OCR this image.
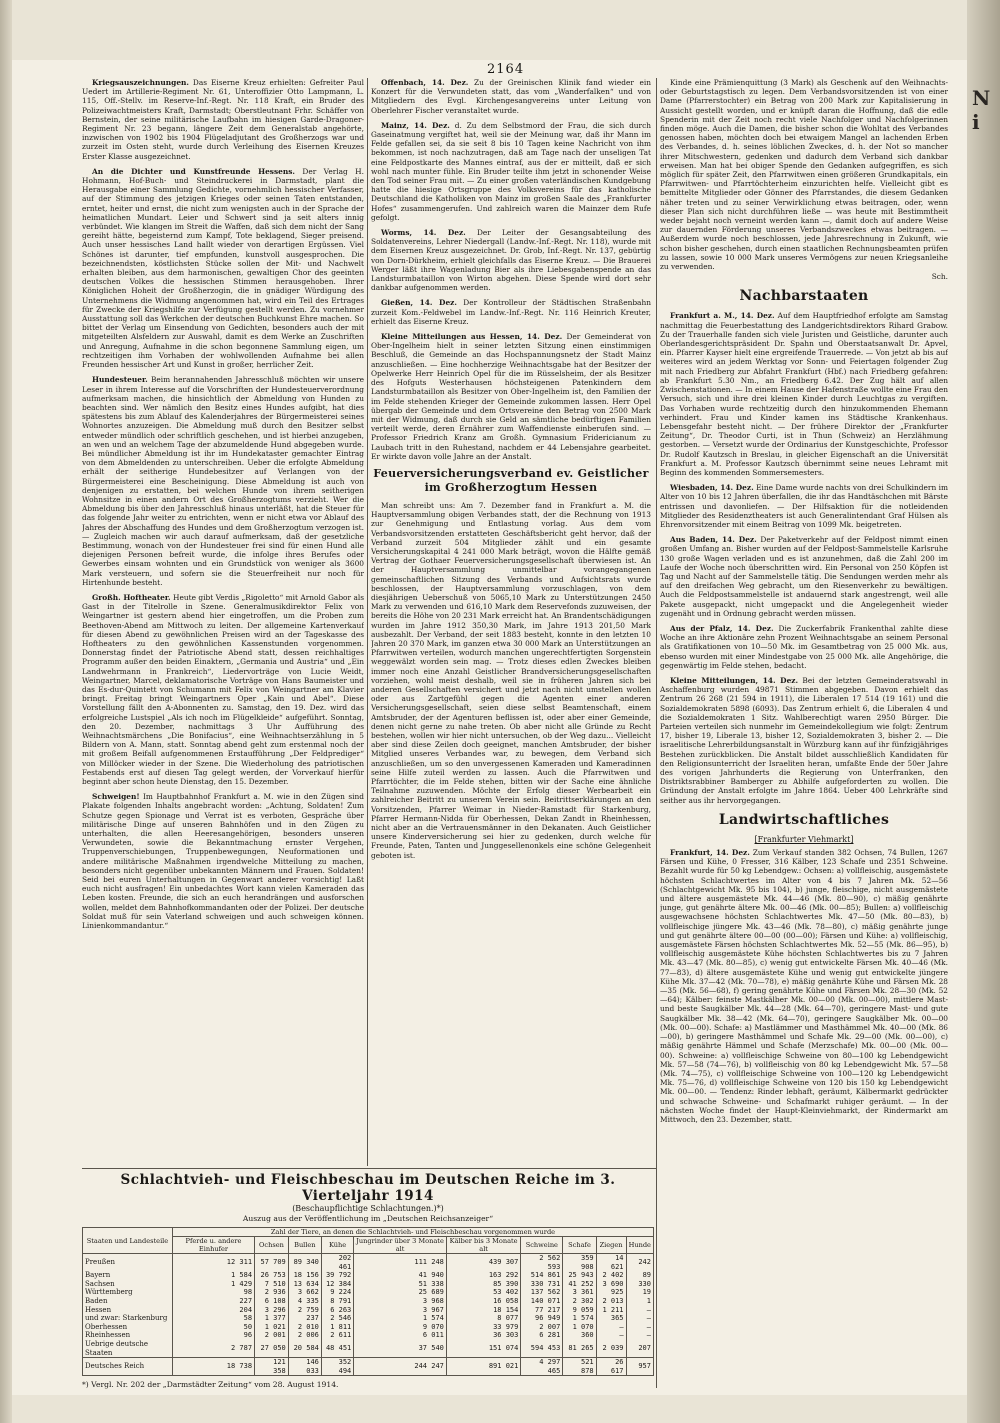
N
i
2164

Kriegsauszeichnungen. Das Eiserne Kreuz erhielten: Gefreiter Paul Uedert im Artillerie-Regiment Nr. 61, Unteroffizier Otto Lampmann, L. 115, Off.-Stellv. im Reserve-Inf.-Regt. Nr. 118 Kraft, ein Bruder des Polizeiwachtmeisters Kraft, Darmstadt; Oberstleutnant Frhr. Schäffer von Bernstein, der seine militärische Laufbahn im hiesigen Garde-Dragoner-Regiment Nr. 23 begann, längere Zeit dem Generalstab angehörte, inzwischen von 1902 bis 1904 Flügeladjutant des Großherzogs war und zurzeit im Osten steht, wurde durch Verleihung des Eisernen Kreuzes Erster Klasse ausgezeichnet.

An die Dichter und Kunstfreunde Hessens. Der Verlag H. Hohmann, Hof-Buch- und Steindruckerei in Darmstadt, plant die Herausgabe einer Sammlung Gedichte, vornehmlich hessischer Verfasser, auf der Stimmung des jetzigen Krieges oder seinen Taten entstanden, erntet, heiter und ernst, die nicht zum wenigsten auch in der Sprache der heimatlichen Mundart. Leier und Schwert sind ja seit alters innig verbündet. Wie klangen im Streit die Waffen, daß sich dem nicht der Sang gereiht hätte, begeisternd zum Kampf, Tote beklagend, Sieger preisend. Auch unser hessisches Land hallt wieder von derartigen Ergüssen. Viel Schönes ist darunter, tief empfunden, kunstvoll ausgesprochen. Die bezeichnendsten, köstlichsten Stücke sollen der Mit- und Nachwelt erhalten bleiben, aus dem harmonischen, gewaltigen Chor des geeinten deutschen Volkes die hessischen Stimmen herausgehoben. Ihrer Königlichen Hoheit der Großherzogin, die in gnädiger Würdigung des Unternehmens die Widmung angenommen hat, wird ein Teil des Ertrages für Zwecke der Kriegshilfe zur Verfügung gestellt werden. Zu vornehmer Ausstattung soll das Werkchen der deutschen Buchkunst Ehre machen. So bittet der Verlag um Einsendung von Gedichten, besonders auch der mit mitgeteilten Alsfeldern zur Auswahl, damit es dem Werke an Zuschriften und Anregung, Aufnahme in die schon begonnene Sammlung eigen, um rechtzeitigen ihm Vorhaben der wohlwollenden Aufnahme bei allen Freunden hessischer Art und Kunst in großer, herrlicher Zeit.

Hundesteuer. Beim herannahenden Jahresschluß möchten wir unsere Leser in ihrem Interesse auf die Vorschriften der Hundesteuerverordnung aufmerksam machen, die hinsichtlich der Abmeldung von Hunden zu beachten sind. Wer nämlich den Besitz eines Hundes aufgibt, hat dies spätestens bis zum Ablauf des Kalenderjahres der Bürgermeisterei seines Wohnortes anzuzeigen. Die Abmeldung muß durch den Besitzer selbst entweder mündlich oder schriftlich geschehen, und ist hierbei anzugeben, an wen und an welchem Tage der abzumeldende Hund abgegeben wurde. Bei mündlicher Abmeldung ist ihr im Hundekataster gemachter Eintrag von dem Abmeldenden zu unterschreiben. Ueber die erfolgte Abmeldung erhält der seitherige Hundebesitzer auf Verlangen von der Bürgermeisterei eine Bescheinigung. Diese Abmeldung ist auch von denjenigen zu erstatten, bei welchen Hunde von ihrem seitherigen Wohnsitze in einen andern Ort des Großherzogtums verzieht. Wer die Abmeldung bis über den Jahresschluß hinaus unterläßt, hat die Steuer für das folgende Jahr weiter zu entrichten, wenn er nicht etwa vor Ablauf des Jahres der Abschaffung des Hundes und dem Großherzogtum verzogen ist. — Zugleich machen wir auch darauf aufmerksam, daß der gesetzliche Bestimmung, wonach von der Hundesteuer frei sind für einen Hund alle diejenigen Personen befreit wurde, die infolge ihres Berufes oder Gewerbes einsam wohnten und ein Grundstück von weniger als 3600 Mark versteuern, und sofern sie die Steuerfreiheit nur noch für Hirtenhunde besteht.

Großh. Hoftheater. Heute gibt Verdis „Rigoletto“ mit Arnold Gabor als Gast in der Titelrolle in Szene. Generalmusikdirektor Felix von Weingartner ist gestern abend hier eingetroffen, um die Proben zum Beethoven-Abend am Mittwoch zu leiten. Der allgemeine Kartenverkauf für diesen Abend zu gewöhnlichen Preisen wird an der Tageskasse des Hoftheaters zu den gewöhnlichen Kassenstunden vorgenommen. Donnerstag findet der Patriotische Abend statt, dessen reichhaltiges Programm außer den beiden Einaktern, „Germania und Austria“ und „Ein Landwehrmann in Frankreich“, Liedervorträge von Lucie Weidt, Weingartner, Marcel, deklamatorische Vorträge von Hans Baumeister und das Es-dur-Quintett von Schumann mit Felix von Weingartner am Klavier bringt. Freitag bringt Weingartners Oper „Kain und Abel“. Diese Vorstellung fällt den A-Abonnenten zu. Samstag, den 19. Dez. wird das erfolgreiche Lustspiel „Als ich noch im Flügelkleide“ aufgeführt. Sonntag, den 20. Dezember, nachmittags 3 Uhr Aufführung des Weihnachtsmärchens „Die Bonifacius“, eine Weihnachtserzählung in 5 Bildern von A. Mann, statt. Sonntag abend geht zum erstenmal noch der mit großem Beifall aufgenommenen Erstaufführung „Der Feldprediger“ von Millöcker wieder in der Szene. Die Wiederholung des patriotischen Festabends erst auf diesen Tag gelegt werden, der Vorverkauf hierfür beginnt aber schon heute Dienstag, den 15. Dezember.

Schweigen! Im Hauptbahnhof Frankfurt a. M. wie in den Zügen sind Plakate folgenden Inhalts angebracht worden: „Achtung, Soldaten! Zum Schutze gegen Spionage und Verrat ist es verboten, Gespräche über militärische Dinge auf unseren Bahnhöfen und in den Zügen zu unterhalten, die allen Heeresangehörigen, besonders unseren Verwundeten, sowie die Bekanntmachung ernster Vergehen, Truppenverschiebungen, Truppenbewegungen, Neuformationen und andere militärische Maßnahmen irgendwelche Mitteilung zu machen, besonders nicht gegenüber unbekannten Männern und Frauen. Soldaten! Seid bei euren Unterhaltungen in Gegenwart anderer vorsichtig! Laßt euch nicht ausfragen! Ein unbedachtes Wort kann vielen Kameraden das Leben kosten. Freunde, die sich an euch herandrängen und ausforschen wollen, meldet dem Bahnhofkommandanten oder der Polizei. Der deutsche Soldat muß für sein Vaterland schweigen und auch schweigen können. Linienkommandantur.“

Offenbach, 14. Dez. Zu der Greinischen Klinik fand wieder ein Konzert für die Verwundeten statt, das vom „Wanderfalken“ und von Mitgliedern des Evgl. Kirchengesangvereins unter Leitung von Oberlehrer Fischer veranstaltet wurde.

Mainz, 14. Dez. d. Zu dem Selbstmord der Frau, die sich durch Gaseinatmung vergiftet hat, weil sie der Meinung war, daß ihr Mann im Felde gefallen sei, da sie seit 8 bis 10 Tagen keine Nachricht von ihm bekommen, ist noch nachzutragen, daß am Tage nach der unseligen Tat eine Feldpostkarte des Mannes eintraf, aus der er mitteilt, daß er sich wohl nach munter fühle. Ein Bruder teilte ihm jetzt in schonender Weise den Tod seiner Frau mit. — Zu einer großen vaterländischen Kundgebung hatte die hiesige Ortsgruppe des Volksvereins für das katholische Deutschland die Katholiken von Mainz im großen Saale des „Frankfurter Hofes“ zusammengerufen. Und zahlreich waren die Mainzer dem Rufe gefolgt.

Worms, 14. Dez. Der Leiter der Gesangsabteilung des Soldatenvereins, Lehrer Niedergall (Landw.-Inf.-Regt. Nr. 118), wurde mit dem Eisernen Kreuz ausgezeichnet. Dr. Grob, Inf.-Regt. Nr. 137, gebürtig von Dorn-Dürkheim, erhielt gleichfalls das Eiserne Kreuz. — Die Brauerei Werger läßt ihre Wagenladung Bier als ihre Liebesgabenspende an das Landsturmbataillon von Wirton abgehen. Diese Spende wird dort sehr dankbar aufgenommen werden.

Gießen, 14. Dez. Der Kontrolleur der Städtischen Straßenbahn zurzeit Kom.-Feldwebel im Landw.-Inf.-Regt. Nr. 116 Heinrich Kreuter, erhielt das Eiserne Kreuz.

Kleine Mitteilungen aus Hessen, 14. Dez. Der Gemeinderat von Ober-Ingelheim hielt in seiner letzten Sitzung einen einstimmigen Beschluß, die Gemeinde an das Hochspannungsnetz der Stadt Mainz anzuschließen. — Eine hochherzige Weihnachtsgabe hat der Besitzer der Opelwerke Herr Heinrich Opel für die im Rüsselsheim, der als Besitzer des Hofguts Westerhausen höchsteigenen Patenkindern dem Landsturmbataillon als Besitzer von Ober-Ingelheim ist, den Familien der im Felde stehenden Krieger der Gemeinde zukommen lassen. Herr Opel übergab der Gemeinde und dem Ortsvereine den Betrag von 2500 Mark mit der Widmung, daß durch sie Geld an sämtliche bedürftigen Familien verteilt werde, deren Ernährer zum Waffendienste einberufen sind. — Professor Friedrich Kranz am Großh. Gymnasium Fridericianum zu Laubach tritt in den Ruhestand, nachdem er 44 Lebensjahre gearbeitet. Er wirkte davon volle Jahre an der Anstalt.

Feuerversicherungsverband ev. Geistlicher im Großherzogtum Hessen

Man schreibt uns: Am 7. Dezember fand in Frankfurt a. M. die Hauptversammlung obigen Verbandes statt, der die Rechnung von 1913 zur Genehmigung und Entlastung vorlag. Aus dem vom Verbandsvorsitzenden erstatteten Geschäftsbericht geht hervor, daß der Verband zurzeit 504 Mitglieder zählt und ein gesamte Versicherungskapital 4 241 000 Mark beträgt, wovon die Hälfte gemäß Vertrag der Gothaer Feuerversicherungsgesellschaft überwiesen ist. An der Hauptversammlung unmittelbar vorangegangenen gemeinschaftlichen Sitzung des Verbands und Aufsichtsrats wurde beschlossen, der Hauptversammlung vorzuschlagen, von dem diesjährigen Ueberschuß von 5065,10 Mark zu Unterstützungen 2450 Mark zu verwenden und 616,10 Mark dem Reservefonds zuzuweisen, der bereits die Höhe von 20 231 Mark erreicht hat. An Brandentschädigungen wurden im Jahre 1912 350,30 Mark, im Jahre 1913 201,50 Mark ausbezahlt. Der Verband, der seit 1883 besteht, konnte in den letzten 10 Jahren 20 370 Mark, im ganzen etwa 30 000 Mark an Unterstützungen an Pfarrwitwen verteilen, wodurch manchen ungerechtfertigten Sorgenstein weggewälzt worden sein mag. — Trotz dieses edlen Zweckes bleiben immer noch eine Anzahl Geistlicher Brandversicherungsgesellschaften vorziehen, wohl meist deshalb, weil sie in früheren Jahren sich bei anderen Gesellschaften versichert und jetzt nach nicht umstellen wollen oder aus Zartgefühl gegen die Agenten einer anderen Versicherungsgesellschaft, seien diese selbst Beamtenschaft, einem Amtsbruder, der der Agenturen beflissen ist, oder aber einer Gemeinde, denen nicht gerne zu nahe treten. Ob aber nicht alle Gründe zu Recht bestehen, wollen wir hier nicht untersuchen, ob der Weg dazu... Vielleicht aber sind diese Zeilen doch geeignet, manchen Amtsbruder, der bisher Mitglied unseres Verbandes war, zu bewegen, dem Verband sich anzuschließen, um so den unvergessenen Kameraden und Kameradinnen seine Hilfe zuteil werden zu lassen. Auch die Pfarrwitwen und Pfarrtöchter, die im Felde stehen, bitten wir der Sache eine ähnliche Teilnahme zuzuwenden. Möchte der Erfolg dieser Werbearbeit ein zahlreicher Beitritt zu unserem Verein sein. Beitrittserklärungen an den Vorsitzenden, Pfarrer Weimar in Nieder-Ramstadt für Starkenburg, Pfarrer Hermann-Nidda für Oberhessen, Dekan Zandt in Rheinhessen, nicht aber an die Vertrauensmänner in den Dekanaten. Auch Geistlicher unsere Kinderversicherung sei hier zu gedenken, durch welche für Freunde, Paten, Tanten und Junggesellenonkels eine schöne Gelegenheit geboten ist.

Kinde eine Prämienquittung (3 Mark) als Geschenk auf den Weihnachts- oder Geburtstagstisch zu legen. Dem Verbandsvorsitzenden ist von einer Dame (Pfarrerstochter) ein Betrag von 200 Mark zur Kapitalisierung in Aussicht gestellt worden, und er knüpft daran die Hoffnung, daß die edle Spenderin mit der Zeit noch recht viele Nachfolger und Nachfolgerinnen finden möge. Auch die Damen, die bisher schon die Wohltat des Verbandes genossen haben, möchten doch bei etwaigem Mangel an lachenden Erben des Verbandes, d. h. seines löblichen Zweckes, d. h. der Not so mancher ihrer Mitschwestern, gedenken und dadurch dem Verband sich dankbar erweisen. Man hat bei obiger Spende den Gedanken aufgegriffen, es sich möglich für später Zeit, den Pfarrwitwen einen größeren Grundkapitals, ein Pfarrwitwen- und Pfarrtöchterheim einzurichten helfe. Vielleicht gibt es bemittelte Mitglieder oder Gönner des Pfarrstandes, die diesem Gedanken näher treten und zu seiner Verwirklichung etwas beitragen, oder, wenn dieser Plan sich nicht durchführen ließe — was heute mit Bestimmtheit weder bejaht noch verneint werden kann —, damit doch auf andere Weise zur dauernden Förderung unseres Verbandszweckes etwas beitragen. — Außerdem wurde noch beschlossen, jede Jahresrechnung in Zukunft, wie schon bisher geschehen, durch einen staatlichen Rechnungsbeamten prüfen zu lassen, sowie 10 000 Mark unseres Vermögens zur neuen Kriegsanleihe zu verwenden.

Sch.
Nachbarstaaten

Frankfurt a. M., 14. Dez. Auf dem Hauptfriedhof erfolgte am Samstag nachmittag die Feuerbestattung des Landgerichtsdirektors Rihard Grabow. Zu der Trauerhalle fanden sich viele Juristen und Geistliche, darunter auch Oberlandesgerichtspräsident Dr. Spahn und Oberstaatsanwalt Dr. Apvel, ein. Pfarrer Kayser hielt eine ergreifende Trauerrede. — Von jetzt ab bis auf weiteres wird an jedem Werktag vor Sonn- und Feiertagen folgender Zug mit nach Friedberg zur Abfahrt Frankfurt (Hbf.) nach Friedberg gefahren: ab Frankfurt 5.30 Nm., an Friedberg 6.42. Der Zug hält auf allen Zwischenstationen. — In einem Hause der Hafenstraße wollte eine Frau den Versuch, sich und ihre drei kleinen Kinder durch Leuchtgas zu vergiften. Das Vorhaben wurde rechtzeitig durch den hinzukommenden Ehemann verhindert. Frau und Kinder kamen ins Städtische Krankenhaus. Lebensgefahr besteht nicht. — Der frühere Direktor der „Frankfurter Zeitung“, Dr. Theodor Curti, ist in Thun (Schweiz) an Herzlähmung gestorben. — Versetzt wurde der Ordinarius der Kunstgeschichte, Professor Dr. Rudolf Kautzsch in Breslau, in gleicher Eigenschaft an die Universität Frankfurt a. M. Professor Kautzsch übernimmt seine neues Lehramt mit Beginn des kommenden Sommersemesters.

Wiesbaden, 14. Dez. Eine Dame wurde nachts von drei Schulkindern im Alter von 10 bis 12 Jahren überfallen, die ihr das Handtäschchen mit Bärste entrissen und davonliefen. — Der Hilfsaktion für die notleidenden Mitglieder des Residenztheaters ist auch Generalintendant Graf Hülsen als Ehrenvorsitzender mit einem Beitrag von 1099 Mk. beigetreten.

Aus Baden, 14. Dez. Der Paketverkehr auf der Feldpost nimmt einen großen Umfang an. Bisher wurden auf der Feldpost-Sammelstelle Karlsruhe 130 große Wagen verladen und es ist anzunehmen, daß die Zahl 200 im Laufe der Woche noch überschritten wird. Ein Personal von 250 Köpfen ist Tag und Nacht auf der Sammelstelle tätig. Die Sendungen werden mehr als auf den dreifachen Weg gebracht, um den Riesenverkehr zu bewältigen. Auch die Feldpostsammelstelle ist andauernd stark angestrengt, weil alle Pakete ausgepackt, nicht umgepackt und die Angelegenheit wieder zugenäht und in Ordnung gebracht werden müssen.

Aus der Pfalz, 14. Dez. Die Zuckerfabrik Frankenthal zahlte diese Woche an ihre Aktionäre zehn Prozent Weihnachtsgabe an seinem Personal als Gratifikationen von 10—50 Mk. im Gesamtbetrag von 25 000 Mk. aus, ebenso wurden mit einer Mindestgabe von 25 000 Mk. alle Angehörige, die gegenwärtig im Felde stehen, bedacht.

Kleine Mitteilungen, 14. Dez. Bei der letzten Gemeinderatswahl in Aschaffenburg wurden 49871 Stimmen abgegeben. Davon erhielt das Zentrum 26 268 (21 594 in 1911), die Liberalen 17 514 (19 161) und die Sozialdemokraten 5898 (6093). Das Zentrum erhielt 6, die Liberalen 4 und die Sozialdemokraten 1 Sitz. Wahlberechtigt waren 2950 Bürger. Die Parteien verteilen sich nunmehr im Gemeindekollegium wie folgt: Zentrum 17, bisher 19, Liberale 13, bisher 12, Sozialdemokraten 3, bisher 2. — Die israelitische Lehrerbildungsanstalt in Würzburg kann auf ihr fünfzigjähriges Bestehen zurückblicken. Die Anstalt bildet ausschließlich Kandidaten für den Religionsunterricht der Israeliten heran, umfaßte Ende der 50er Jahre des vorigen Jahrhunderts die Regierung von Unterfranken, den Distriktsrabbiner Bamberger zu Abhilfe aufgeforderten zu wollen. Die Gründung der Anstalt erfolgte im Jahre 1864. Ueber 400 Lehrkräfte sind seither aus ihr hervorgegangen.

Landwirtschaftliches
[Frankfurter Viehmarkt]

Frankfurt, 14. Dez. Zum Verkauf standen 382 Ochsen, 74 Bullen, 1267 Färsen und Kühe, 0 Fresser, 316 Kälber, 123 Schafe und 2351 Schweine. Bezahlt wurde für 50 kg Lebendgew.: Ochsen: a) vollfleischig, ausgemästete höchsten Schlachtwertes im Alter von 4 bis 7 Jahren Mk. 52—56 (Schlachtgewicht Mk. 95 bis 104), b) junge, fleischige, nicht ausgemästete und ältere ausgemästete Mk. 44—46 (Mk. 80—90), c) mäßig genährte junge, gut genährte ältere Mk. 00—46 (Mk. 00—85); Bullen: a) vollfleischig ausgewachsene höchsten Schlachtwertes Mk. 47—50 (Mk. 80—83), b) vollfleischige jüngere Mk. 43—46 (Mk. 78—80), c) mäßig genährte junge und gut genährte ältere 00—00 (00—00); Färsen und Kühe: a) vollfleischig, ausgemästete Färsen höchsten Schlachtwertes Mk. 52—55 (Mk. 86—95), b) vollfleischig ausgemästete Kühe höchsten Schlachtwertes bis zu 7 Jahren Mk. 43—47 (Mk. 80—85), c) wenig gut entwickelte Färsen Mk. 40—46 (Mk. 77—83), d) ältere ausgemästete Kühe und wenig gut entwickelte jüngere Kühe Mk. 37—42 (Mk. 70—78), e) mäßig genährte Kühe und Färsen Mk. 28—35 (Mk. 56—68), f) gering genährte Kühe und Färsen Mk. 28—30 (Mk. 52—64); Kälber: feinste Mastkälber Mk. 00—00 (Mk. 00—00), mittlere Mast- und beste Saugkälber Mk. 44—28 (Mk. 64—70), geringere Mast- und gute Saugkälber Mk. 38—42 (Mk. 64—70), geringere Saugkälber Mk. 00—00 (Mk. 00—00). Schafe: a) Mastlämmer und Masthämmel Mk. 40—00 (Mk. 86—00), b) geringere Masthämmel und Schafe Mk. 29—00 (Mk. 00—00), c) mäßig genährte Hämmel und Schafe (Merzschafe) Mk. 00—00 (Mk. 00—00). Schweine: a) vollfleischige Schweine von 80—100 kg Lebendgewicht Mk. 57—58 (74—76), b) vollfleischig von 80 kg Lebendgewicht Mk. 57—58 (Mk. 74—75), c) vollfleischige Schweine von 100—120 kg Lebendgewicht Mk. 75—76, d) vollfleischige Schweine von 120 bis 150 kg Lebendgewicht Mk. 00—00. — Tendenz: Rinder lebhaft, geräumt, Kälbermarkt gedrückter und schwache Schweine- und Schafmarkt ruhiger geräumt. — In der nächsten Woche findet der Haupt-Kleinviehmarkt, der Rindermarkt am Mittwoch, den 23. Dezember, statt.

Schlachtvieh- und Fleischbeschau im Deutschen Reiche im 3. Vierteljahr 1914
(Beschaupflichtige Schlachtungen.)*)
Auszug aus der Veröffentlichung im „Deutschen Reichsanzeiger“
Staaten und Landesteile	Zahl der Tiere, an denen die Schlachtvieh- und Fleischbeschau vorgenommen wurde									
	Pferde u. andere Einhufer	Ochsen	Bullen	Kühe	Jungrinder über 3 Monate alt	Kälber bis 3 Monate alt	Schweine	Schafe	Ziegen	Hunde
Preußen	12 311	57 709	89 340	202 461	111 248	439 307	2 562 593	359 908	14 621	242
Bayern	1 584	26 753	18 156	39 792	41 940	163 292	514 861	25 943	2 402	89
Sachsen	1 429	7 510	13 634	12 384	51 338	85 390	330 731	41 252	3 690	330
Württemberg	98	2 936	3 662	9 224	25 689	53 402	137 562	3 361	925	19
Baden	227	6 108	4 335	8 791	3 968	16 058	140 071	2 302	2 013	1
Hessen	204	3 296	2 759	6 263	3 967	18 154	77 217	9 059	1 211	—
und zwar: Starkenburg	58	1 377	237	2 546	1 574	8 077	96 949	1 574	365	—
Oberhessen	50	1 021	2 010	1 811	9 070	33 979	2 007	1 070	—	—
Rheinhessen	96	2 001	2 006	2 611	6 011	36 303	6 281	360	—	—
Uebrige deutsche Staaten	2 787	27 050	20 584	48 451	37 540	151 074	594 453	81 265	2 039	207
Deutsches Reich	18 738	121 358	146 033	352 494	244 247	891 021	4 297 465	521 878	26 617	957
*) Vergl. Nr. 202 der „Darmstädter Zeitung“ vom 28. August 1914.
